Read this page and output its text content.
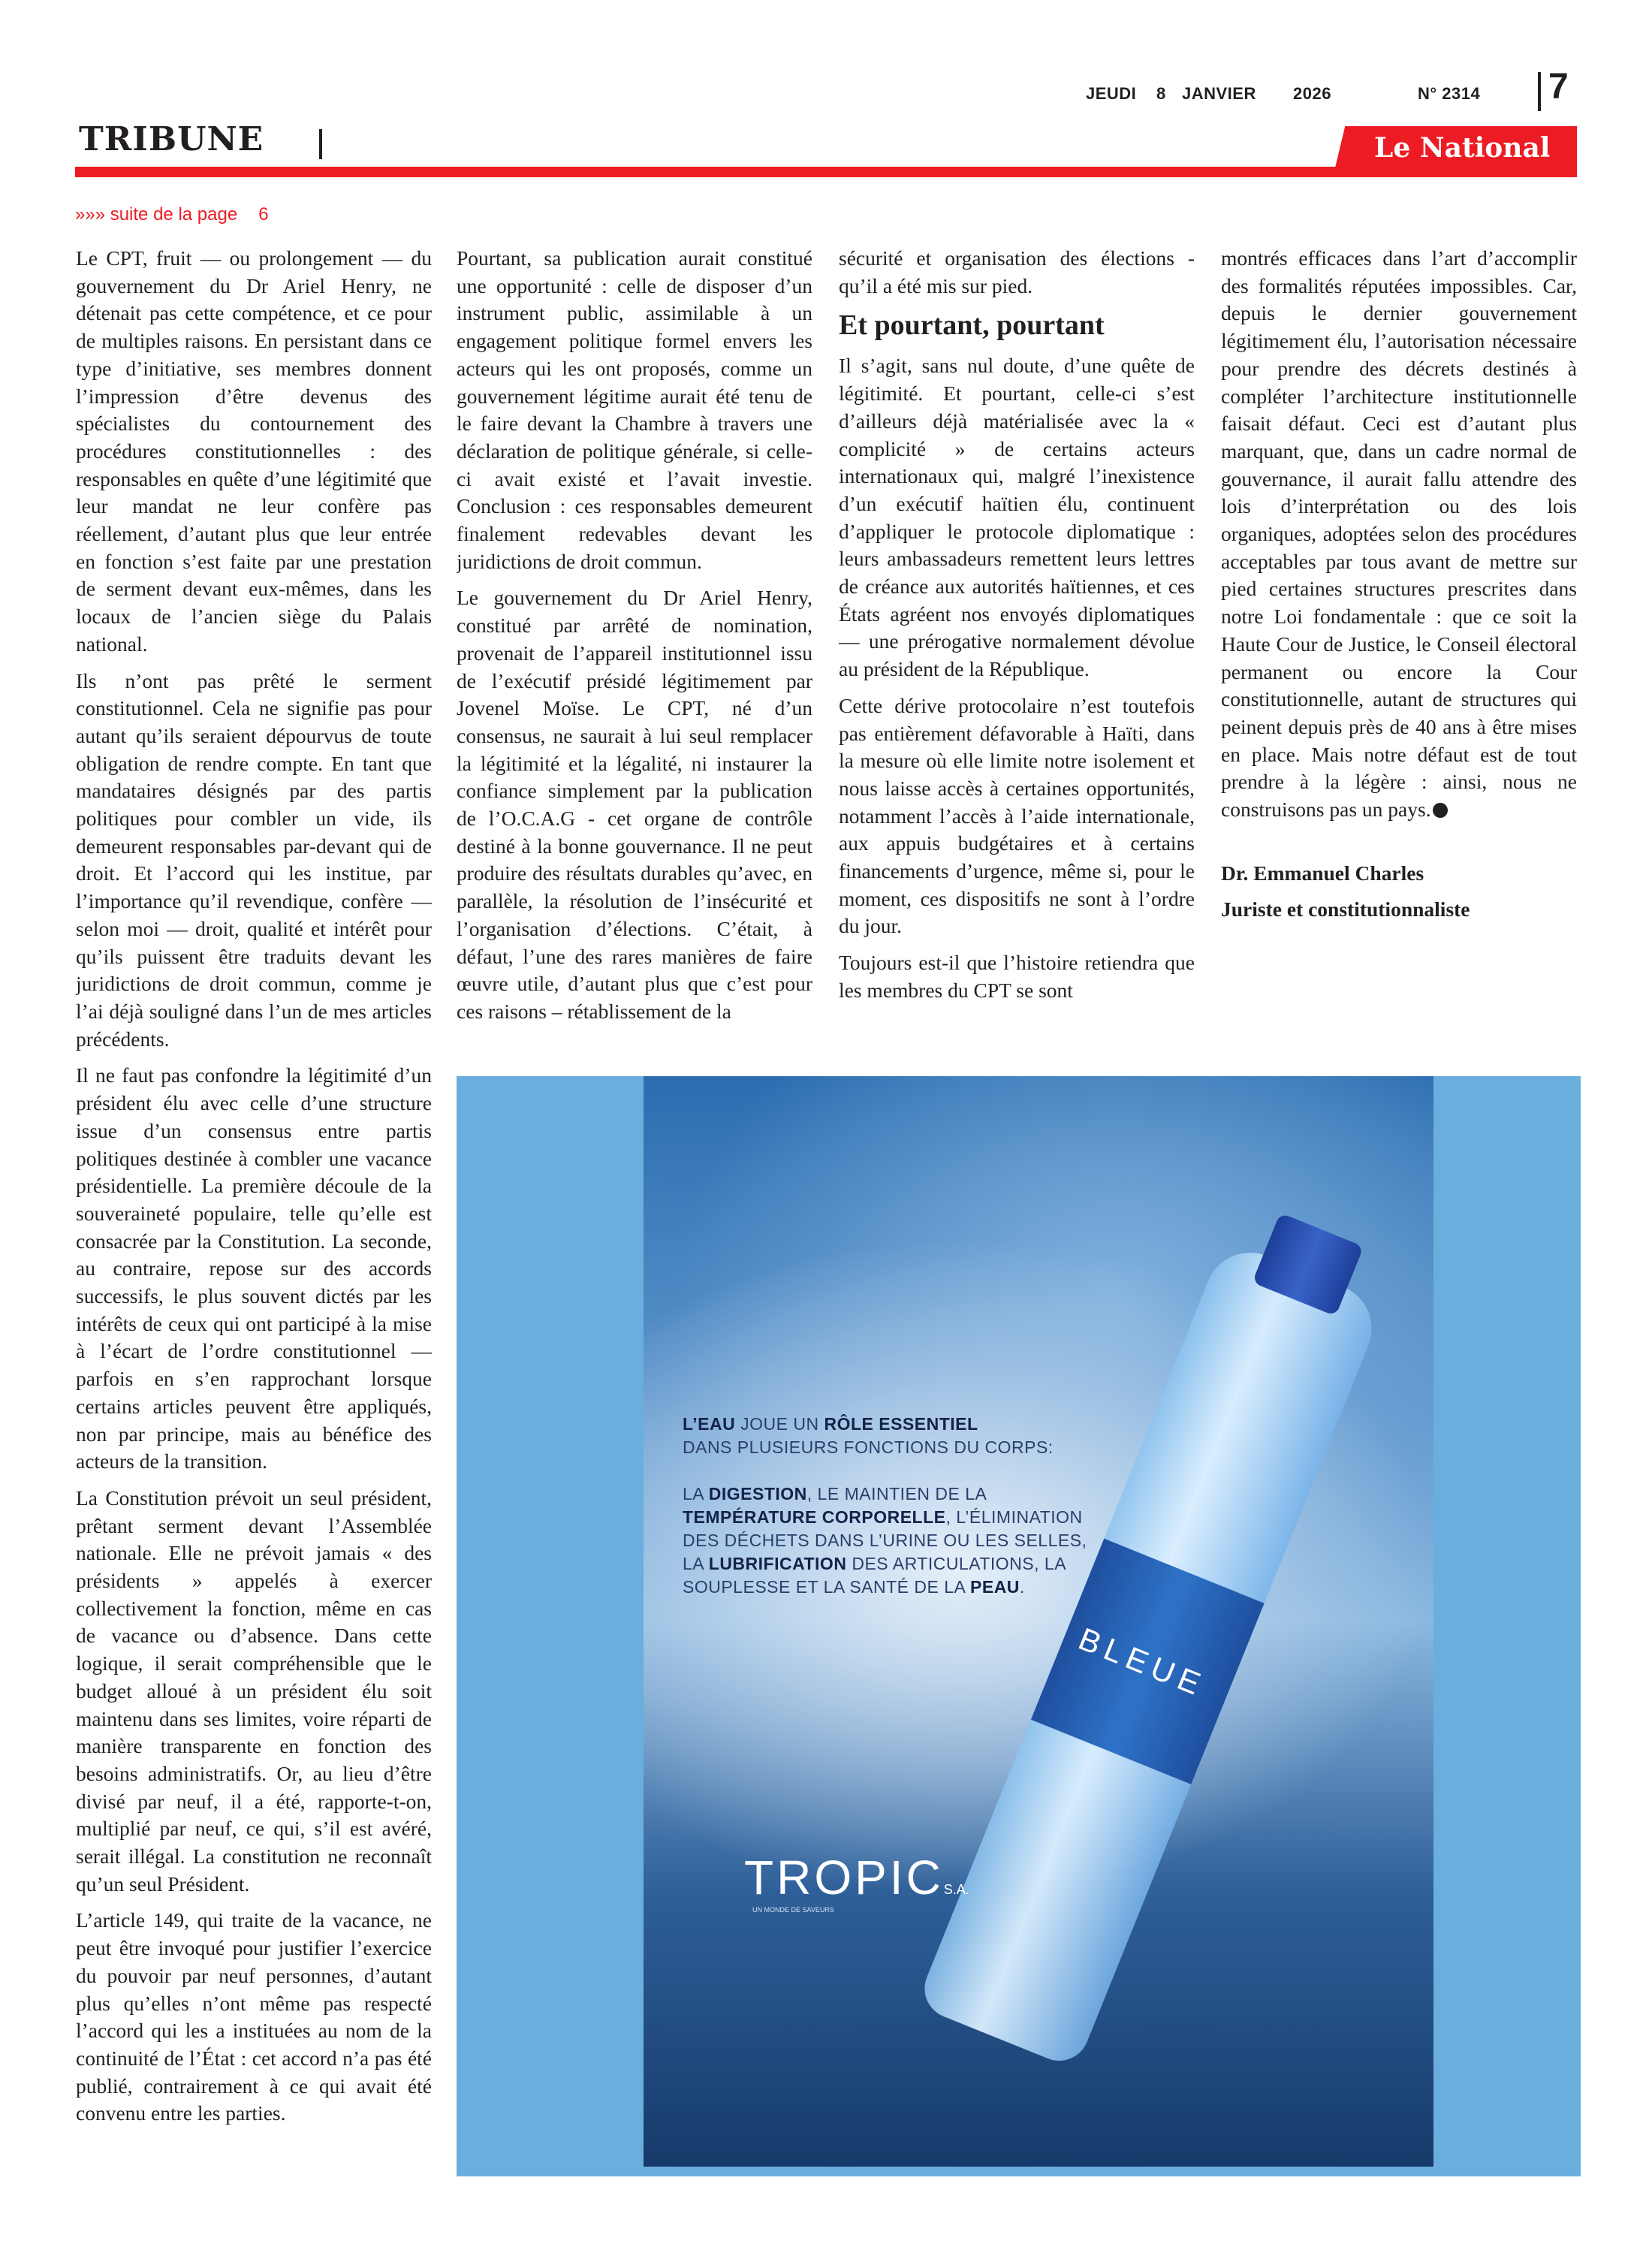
JEUDI 8 JANVIER 2026	N° 2314 7
TRIBUNE	Le National
»»» suite de la page 6

Le CPT, fruit — ou prolongement — du gouvernement du Dr Ariel Henry, ne détenait pas cette compétence, et ce pour de multiples raisons. En persistant dans ce type d’initiative, ses membres donnent l’impression d’être devenus des spécialistes du contournement des procédures constitutionnelles : des responsables en quête d’une légitimité que leur mandat ne leur confère pas réellement, d’autant plus que leur entrée en fonction s’est faite par une prestation de serment devant eux-mêmes, dans les locaux de l’ancien siège du Palais national.

Ils n’ont pas prêté le serment constitutionnel. Cela ne signifie pas pour autant qu’ils seraient dépourvus de toute obligation de rendre compte. En tant que mandataires désignés par des partis politiques pour combler un vide, ils demeurent responsables par-devant qui de droit. Et l’accord qui les institue, par l’importance qu’il revendique, confère — selon moi — droit, qualité et intérêt pour qu’ils puissent être traduits devant les juridictions de droit commun, comme je l’ai déjà souligné dans l’un de mes articles précédents.

Il ne faut pas confondre la légitimité d’un président élu avec celle d’une structure issue d’un consensus entre partis politiques destinée à combler une vacance présidentielle. La première découle de la souveraineté populaire, telle qu’elle est consacrée par la Constitution. La seconde, au contraire, repose sur des accords successifs, le plus souvent dictés par les intérêts de ceux qui ont participé à la mise à l’écart de l’ordre constitutionnel — parfois en s’en rapprochant lorsque certains articles peuvent être appliqués, non par principe, mais au bénéfice des acteurs de la transition.

La Constitution prévoit un seul président, prêtant serment devant l’Assemblée nationale. Elle ne prévoit jamais « des présidents » appelés à exercer collectivement la fonction, même en cas de vacance ou d’absence. Dans cette logique, il serait compréhensible que le budget alloué à un président élu soit maintenu dans ses limites, voire réparti de manière transparente en fonction des besoins administratifs. Or, au lieu d’être divisé par neuf, il a été, rapporte-t-on, multiplié par neuf, ce qui, s’il est avéré, serait illégal. La constitution ne reconnaît qu’un seul Président.

L’article 149, qui traite de la vacance, ne peut être invoqué pour justifier l’exercice du pouvoir par neuf personnes, d’autant plus qu’elles n’ont même pas respecté l’accord qui les a instituées au nom de la continuité de l’État : cet accord n’a pas été publié, contrairement à ce qui avait été convenu entre les parties.

Pourtant, sa publication aurait constitué une opportunité : celle de disposer d’un instrument public, assimilable à un engagement politique formel envers les acteurs qui les ont proposés, comme un gouvernement légitime aurait été tenu de le faire devant la Chambre à travers une déclaration de politique générale, si celle-ci avait existé et l’avait investie. Conclusion : ces responsables demeurent finalement redevables devant les juridictions de droit commun.

Le gouvernement du Dr Ariel Henry, constitué par arrêté de nomination, provenait de l’appareil institutionnel issu de l’exécutif présidé légitimement par Jovenel Moïse. Le CPT, né d’un consensus, ne saurait à lui seul remplacer la légitimité et la légalité, ni instaurer la confiance simplement par la publication de l’O.C.A.G - cet organe de contrôle destiné à la bonne gouvernance. Il ne peut produire des résultats durables qu’avec, en parallèle, la résolution de l’insécurité et l’organisation d’élections. C’était, à défaut, l’une des rares manières de faire œuvre utile, d’autant plus que c’est pour ces raisons – rétablissement de la

sécurité et organisation des élections - qu’il a été mis sur pied.

Et pourtant, pourtant

Il s’agit, sans nul doute, d’une quête de légitimité. Et pourtant, celle-ci s’est d’ailleurs déjà matérialisée avec la « complicité » de certains acteurs internationaux qui, malgré l’inexistence d’un exécutif haïtien élu, continuent d’appliquer le protocole diplomatique : leurs ambassadeurs remettent leurs lettres de créance aux autorités haïtiennes, et ces États agréent nos envoyés diplomatiques — une prérogative normalement dévolue au président de la République.

Cette dérive protocolaire n’est toutefois pas entièrement défavorable à Haïti, dans la mesure où elle limite notre isolement et nous laisse accès à certaines opportunités, notamment l’accès à l’aide internationale, aux appuis budgétaires et à certains financements d’urgence, même si, pour le moment, ces dispositifs ne sont à l’ordre du jour.

Toujours est-il que l’histoire retiendra que les membres du CPT se sont

montrés efficaces dans l’art d’accomplir des formalités réputées impossibles. Car, depuis le dernier gouvernement légitimement élu, l’autorisation nécessaire pour prendre des décrets destinés à compléter l’architecture institutionnelle faisait défaut. Ceci est d’autant plus marquant, que, dans un cadre normal de gouvernance, il aurait fallu attendre des lois d’interprétation ou des lois organiques, adoptées selon des procédures acceptables par tous avant de mettre sur pied certaines structures prescrites dans notre Loi fondamentale : que ce soit la Haute Cour de Justice, le Conseil électoral permanent ou encore la Cour constitutionnelle, autant de structures qui peinent depuis près de 40 ans à être mises en place. Mais notre défaut est de tout prendre à la légère : ainsi, nous ne construisons pas un pays.

Dr. Emmanuel Charles

Juriste et constitutionnaliste

BLEUE

L’EAU JOUE UN RÔLE ESSENTIEL
DANS PLUSIEURS FONCTIONS DU CORPS:

LA DIGESTION, LE MAINTIEN DE LA TEMPÉRATURE CORPORELLE, L’ÉLIMINATION DES DÉCHETS DANS L’URINE OU LES SELLES, LA LUBRIFICATION DES ARTICULATIONS, LA SOUPLESSE ET LA SANTÉ DE LA PEAU.

TROPICS.A.
UN MONDE DE SAVEURS
